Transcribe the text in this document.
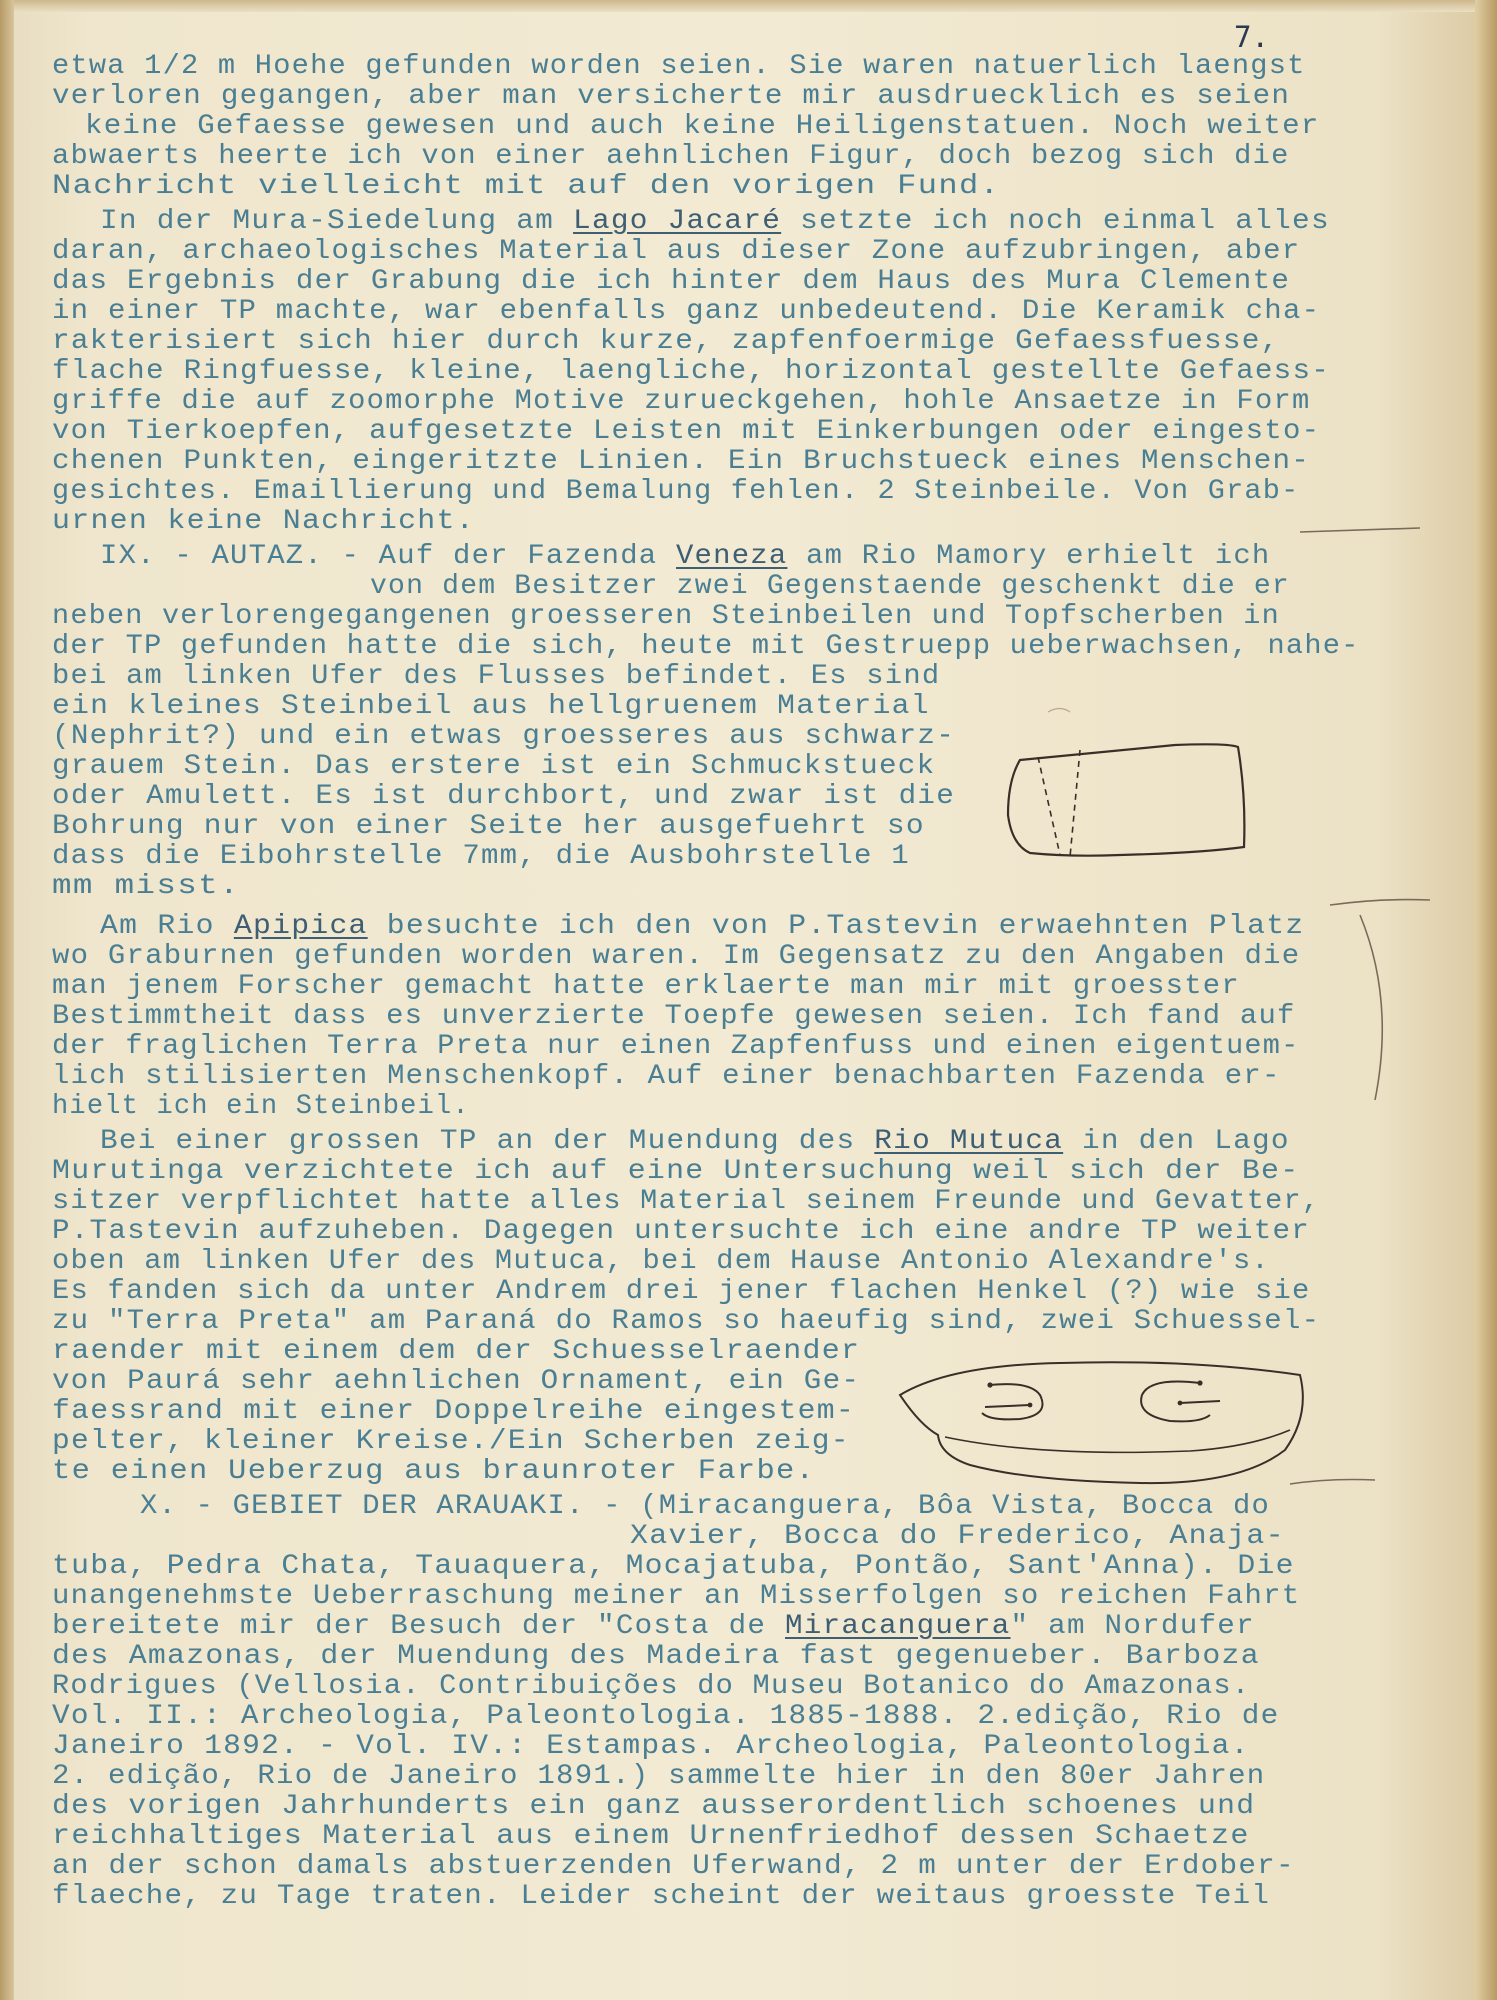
7.
etwa 1/2 m Hoehe gefunden worden seien. Sie waren natuerlich laengst
verloren gegangen, aber man versicherte mir ausdruecklich es seien
keine Gefaesse gewesen und auch keine Heiligenstatuen. Noch weiter
abwaerts heerte ich von einer aehnlichen Figur, doch bezog sich die
Nachricht vielleicht mit auf den vorigen Fund.
In der Mura-Siedelung am Lago Jacaré setzte ich noch einmal alles
daran, archaeologisches Material aus dieser Zone aufzubringen, aber
das Ergebnis der Grabung die ich hinter dem Haus des Mura Clemente
in einer TP machte, war ebenfalls ganz unbedeutend. Die Keramik cha-
rakterisiert sich hier durch kurze, zapfenfoermige Gefaessfuesse,
flache Ringfuesse, kleine, laengliche, horizontal gestellte Gefaess-
griffe die auf zoomorphe Motive zurueckgehen, hohle Ansaetze in Form
von Tierkoepfen, aufgesetzte Leisten mit Einkerbungen oder eingesto-
chenen Punkten, eingeritzte Linien. Ein Bruchstueck eines Menschen-
gesichtes. Emaillierung und Bemalung fehlen. 2 Steinbeile. Von Grab-
urnen keine Nachricht.
IX. - AUTAZ. - Auf der Fazenda Veneza am Rio Mamory erhielt ich
von dem Besitzer zwei Gegenstaende geschenkt die er
neben verlorengegangenen groesseren Steinbeilen und Topfscherben in
der TP gefunden hatte die sich, heute mit Gestruepp ueberwachsen, nahe-
bei am linken Ufer des Flusses befindet. Es sind
ein kleines Steinbeil aus hellgruenem Material
(Nephrit?) und ein etwas groesseres aus schwarz-
grauem Stein. Das erstere ist ein Schmuckstueck
oder Amulett. Es ist durchbort, und zwar ist die
Bohrung nur von einer Seite her ausgefuehrt so
dass die Eibohrstelle 7mm, die Ausbohrstelle 1
mm misst.
Am Rio Apipica besuchte ich den von P.Tastevin erwaehnten Platz
wo Graburnen gefunden worden waren. Im Gegensatz zu den Angaben die
man jenem Forscher gemacht hatte erklaerte man mir mit groesster
Bestimmtheit dass es unverzierte Toepfe gewesen seien. Ich fand auf
der fraglichen Terra Preta nur einen Zapfenfuss und einen eigentuem-
lich stilisierten Menschenkopf. Auf einer benachbarten Fazenda er-
hielt ich ein Steinbeil.
Bei einer grossen TP an der Muendung des Rio Mutuca in den Lago
Murutinga verzichtete ich auf eine Untersuchung weil sich der Be-
sitzer verpflichtet hatte alles Material seinem Freunde und Gevatter,
P.Tastevin aufzuheben. Dagegen untersuchte ich eine andre TP weiter
oben am linken Ufer des Mutuca, bei dem Hause Antonio Alexandre's.
Es fanden sich da unter Andrem drei jener flachen Henkel (?) wie sie
zu "Terra Preta" am Paraná do Ramos so haeufig sind, zwei Schuessel-
raender mit einem dem der Schuesselraender
von Paurá sehr aehnlichen Ornament, ein Ge-
faessrand mit einer Doppelreihe eingestem-
pelter, kleiner Kreise./Ein Scherben zeig-
te einen Ueberzug aus braunroter Farbe.
X. - GEBIET DER ARAUAKI. - (Miracanguera, Bôa Vista, Bocca do
Xavier, Bocca do Frederico, Anaja-
tuba, Pedra Chata, Tauaquera, Mocajatuba, Pontão, Sant'Anna). Die
unangenehmste Ueberraschung meiner an Misserfolgen so reichen Fahrt
bereitete mir der Besuch der "Costa de Miracanguera" am Nordufer
des Amazonas, der Muendung des Madeira fast gegenueber. Barboza
Rodrigues (Vellosia. Contribuições do Museu Botanico do Amazonas.
Vol. II.: Archeologia, Paleontologia. 1885-1888. 2.edição, Rio de
Janeiro 1892. - Vol. IV.: Estampas. Archeologia, Paleontologia.
2. edição, Rio de Janeiro 1891.) sammelte hier in den 80er Jahren
des vorigen Jahrhunderts ein ganz ausserordentlich schoenes und
reichhaltiges Material aus einem Urnenfriedhof dessen Schaetze
an der schon damals abstuerzenden Uferwand, 2 m unter der Erdober-
flaeche, zu Tage traten. Leider scheint der weitaus groesste Teil
